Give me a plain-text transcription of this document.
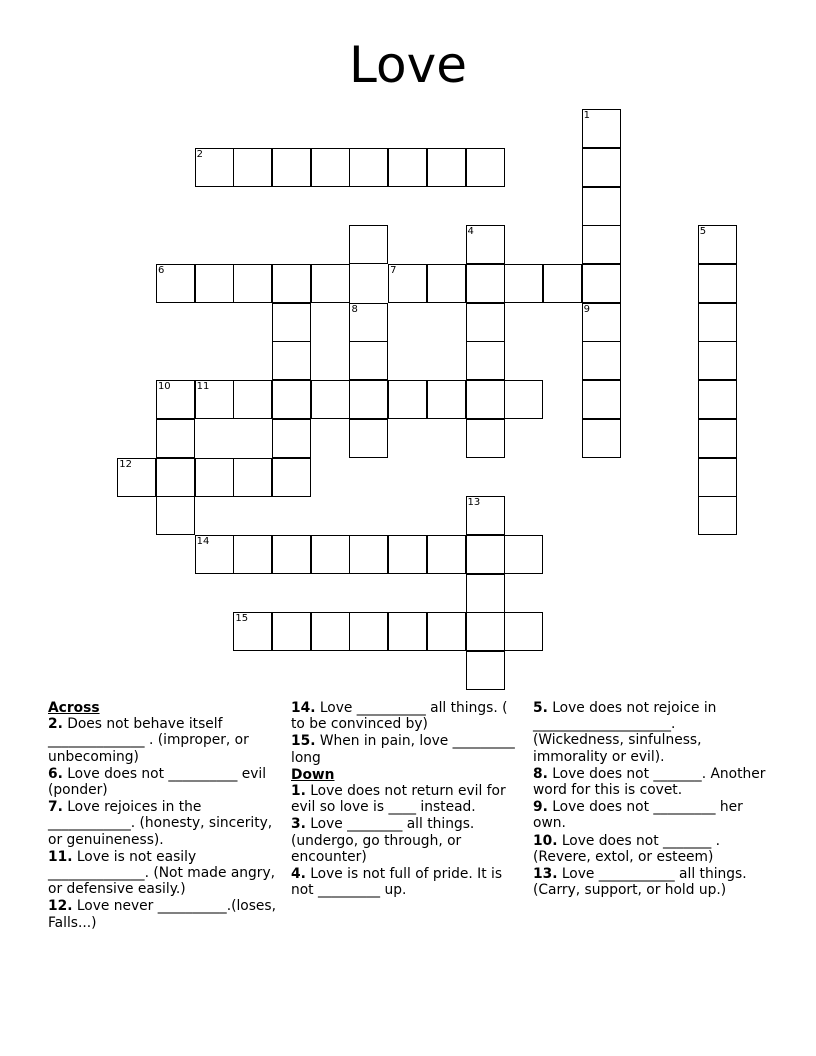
Love
1
2
4	5
6	7
8	9
10	11
12
13
14
15
Across
2. Does not behave itself ______________ . (improper, or unbecoming)
6. Love does not __________ evil (ponder)
7. Love rejoices in the ____________. (honesty, sincerity, or genuineness).
11. Love is not easily ______________. (Not made angry, or defensive easily.)
12. Love never __________.(loses, Falls...)
14. Love __________ all things. ( to be convinced by)
15. When in pain, love _________ long
Down
1. Love does not return evil for evil so love is ____ instead.
3. Love ________ all things. (undergo, go through, or encounter)
4. Love is not full of pride. It is not _________ up.
5. Love does not rejoice in ____________________. (Wickedness, sinfulness, immorality or evil).
8. Love does not _______. Another word for this is covet.
9. Love does not _________ her own.
10. Love does not _______ . (Revere, extol, or esteem)
13. Love ___________ all things. (Carry, support, or hold up.)
